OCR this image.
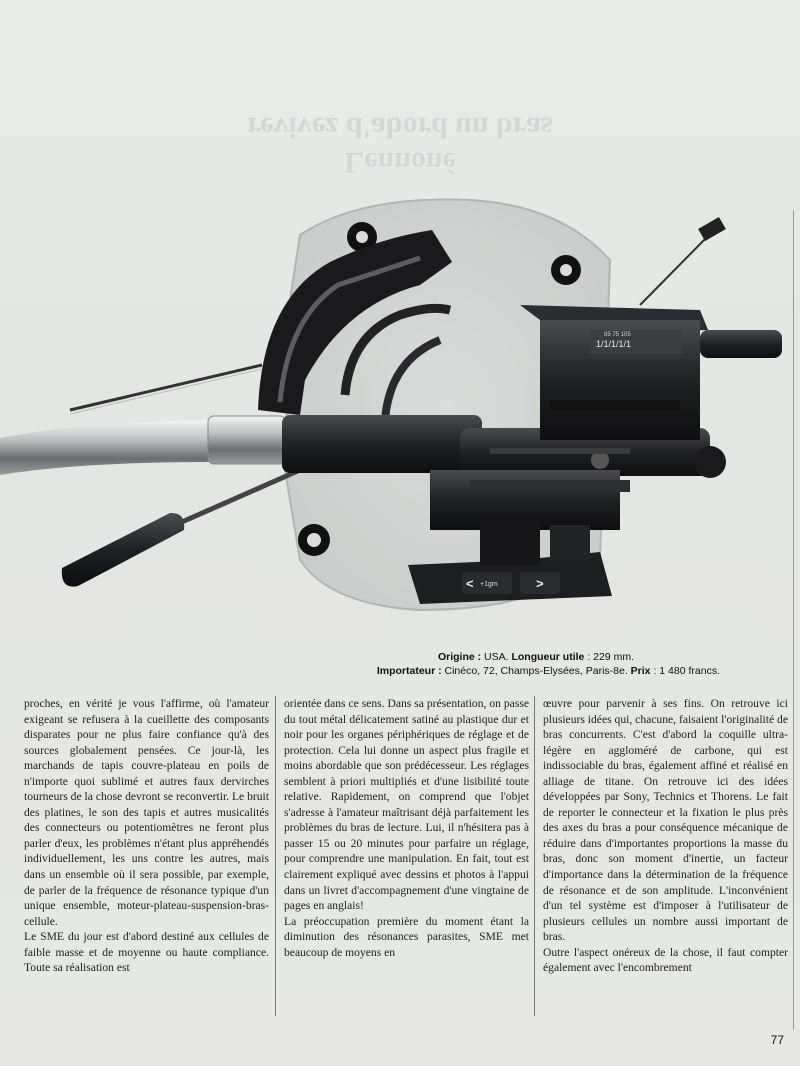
1/1/1/1/1
85 75 105
< +1gm	>
Lennoné
revivez d'abord un bras
Origine : USA. Longueur utile : 229 mm.
Importateur : Cinéco, 72, Champs-Elysées, Paris-8e. Prix : 1 480 francs.

proches, en vérité je vous l'affirme, où l'amateur exigeant se refusera à la cueillette des composants disparates pour ne plus faire confiance qu'à des sources globalement pensées. Ce jour-là, les marchands de tapis couvre-plateau en poils de n'importe quoi sublimé et autres faux dervirches tourneurs de la chose devront se reconvertir. Le bruit des platines, le son des tapis et autres musicalités des connecteurs ou potentiomètres ne feront plus parler d'eux, les problèmes n'étant plus appréhendés individuellement, les uns contre les autres, mais dans un ensemble où il sera possible, par exemple, de parler de la fréquence de résonance typique d'un unique ensemble, moteur-plateau-suspension-bras-cellule.

Le SME du jour est d'abord destiné aux cellules de faible masse et de moyenne ou haute compliance. Toute sa réalisation est

orientée dans ce sens. Dans sa présentation, on passe du tout métal délicatement satiné au plastique dur et noir pour les organes périphériques de réglage et de protection. Cela lui donne un aspect plus fragile et moins abordable que son prédécesseur. Les réglages semblent à priori multipliés et d'une lisibilité toute relative. Rapidement, on comprend que l'objet s'adresse à l'amateur maîtrisant déjà parfaitement les problèmes du bras de lecture. Lui, il n'hésitera pas à passer 15 ou 20 minutes pour parfaire un réglage, pour comprendre une manipulation. En fait, tout est clairement expliqué avec dessins et photos à l'appui dans un livret d'accompagnement d'une vingtaine de pages en anglais!

La préoccupation première du moment étant la diminution des résonances parasites, SME met beaucoup de moyens en

œuvre pour parvenir à ses fins. On retrouve ici plusieurs idées qui, chacune, faisaient l'originalité de bras concurrents. C'est d'abord la coquille ultra-légère en aggloméré de carbone, qui est indissociable du bras, également affiné et réalisé en alliage de titane. On retrouve ici des idées développées par Sony, Technics et Thorens. Le fait de reporter le connecteur et la fixation le plus près des axes du bras a pour conséquence mécanique de réduire dans d'importantes proportions la masse du bras, donc son moment d'inertie, un facteur d'importance dans la détermination de la fréquence de résonance et de son amplitude. L'inconvénient d'un tel système est d'imposer à l'utilisateur de plusieurs cellules un nombre aussi important de bras.

Outre l'aspect onéreux de la chose, il faut compter également avec l'encombrement

77
